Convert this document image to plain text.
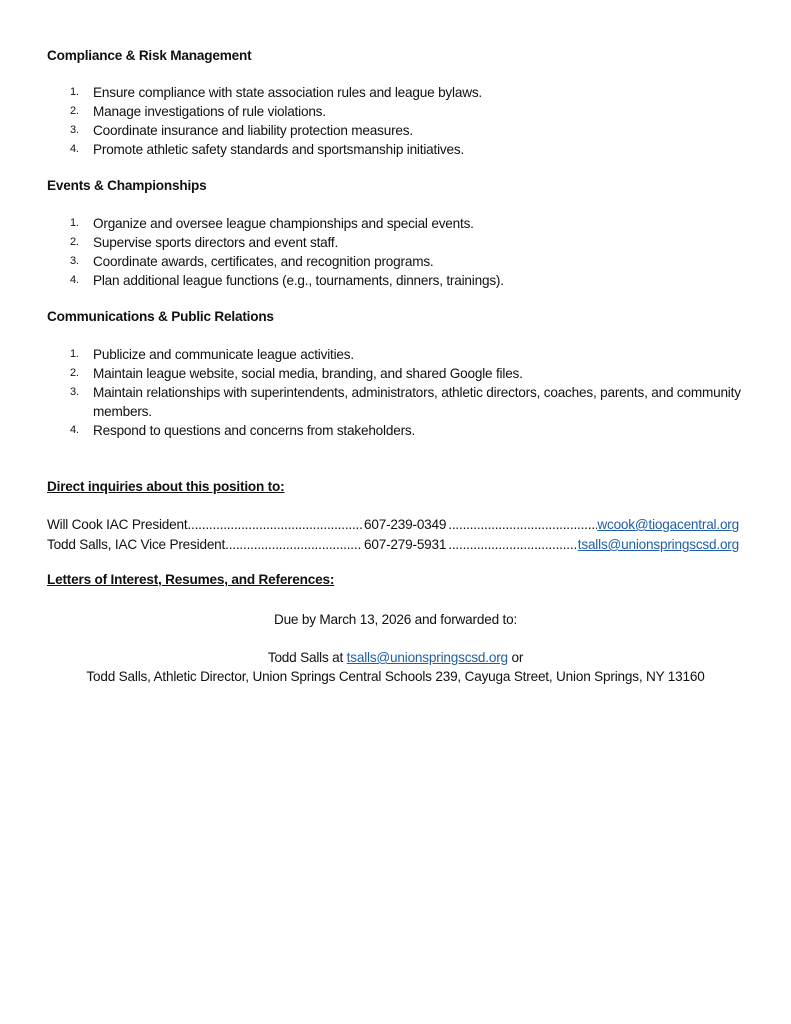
Compliance & Risk Management
1. Ensure compliance with state association rules and league bylaws.
2. Manage investigations of rule violations.
3. Coordinate insurance and liability protection measures.
4. Promote athletic safety standards and sportsmanship initiatives.
Events & Championships
1. Organize and oversee league championships and special events.
2. Supervise sports directors and event staff.
3. Coordinate awards, certificates, and recognition programs.
4. Plan additional league functions (e.g., tournaments, dinners, trainings).
Communications & Public Relations
1. Publicize and communicate league activities.
2. Maintain league website, social media, branding, and shared Google files.
3. Maintain relationships with superintendents, administrators, athletic directors, coaches, parents, and community members.
4. Respond to questions and concerns from stakeholders.
Direct inquiries about this position to:
Will Cook IAC President .....	607-239-0349 .....	wcook@tiogacentral.org
Todd Salls, IAC Vice President .....	607-279-5931 .....	tsalls@unionspringscsd.org
Letters of Interest, Resumes, and References:
Due by March 13, 2026 and forwarded to:
Todd Salls at tsalls@unionspringscsd.org or
Todd Salls, Athletic Director, Union Springs Central Schools 239, Cayuga Street, Union Springs, NY 13160
